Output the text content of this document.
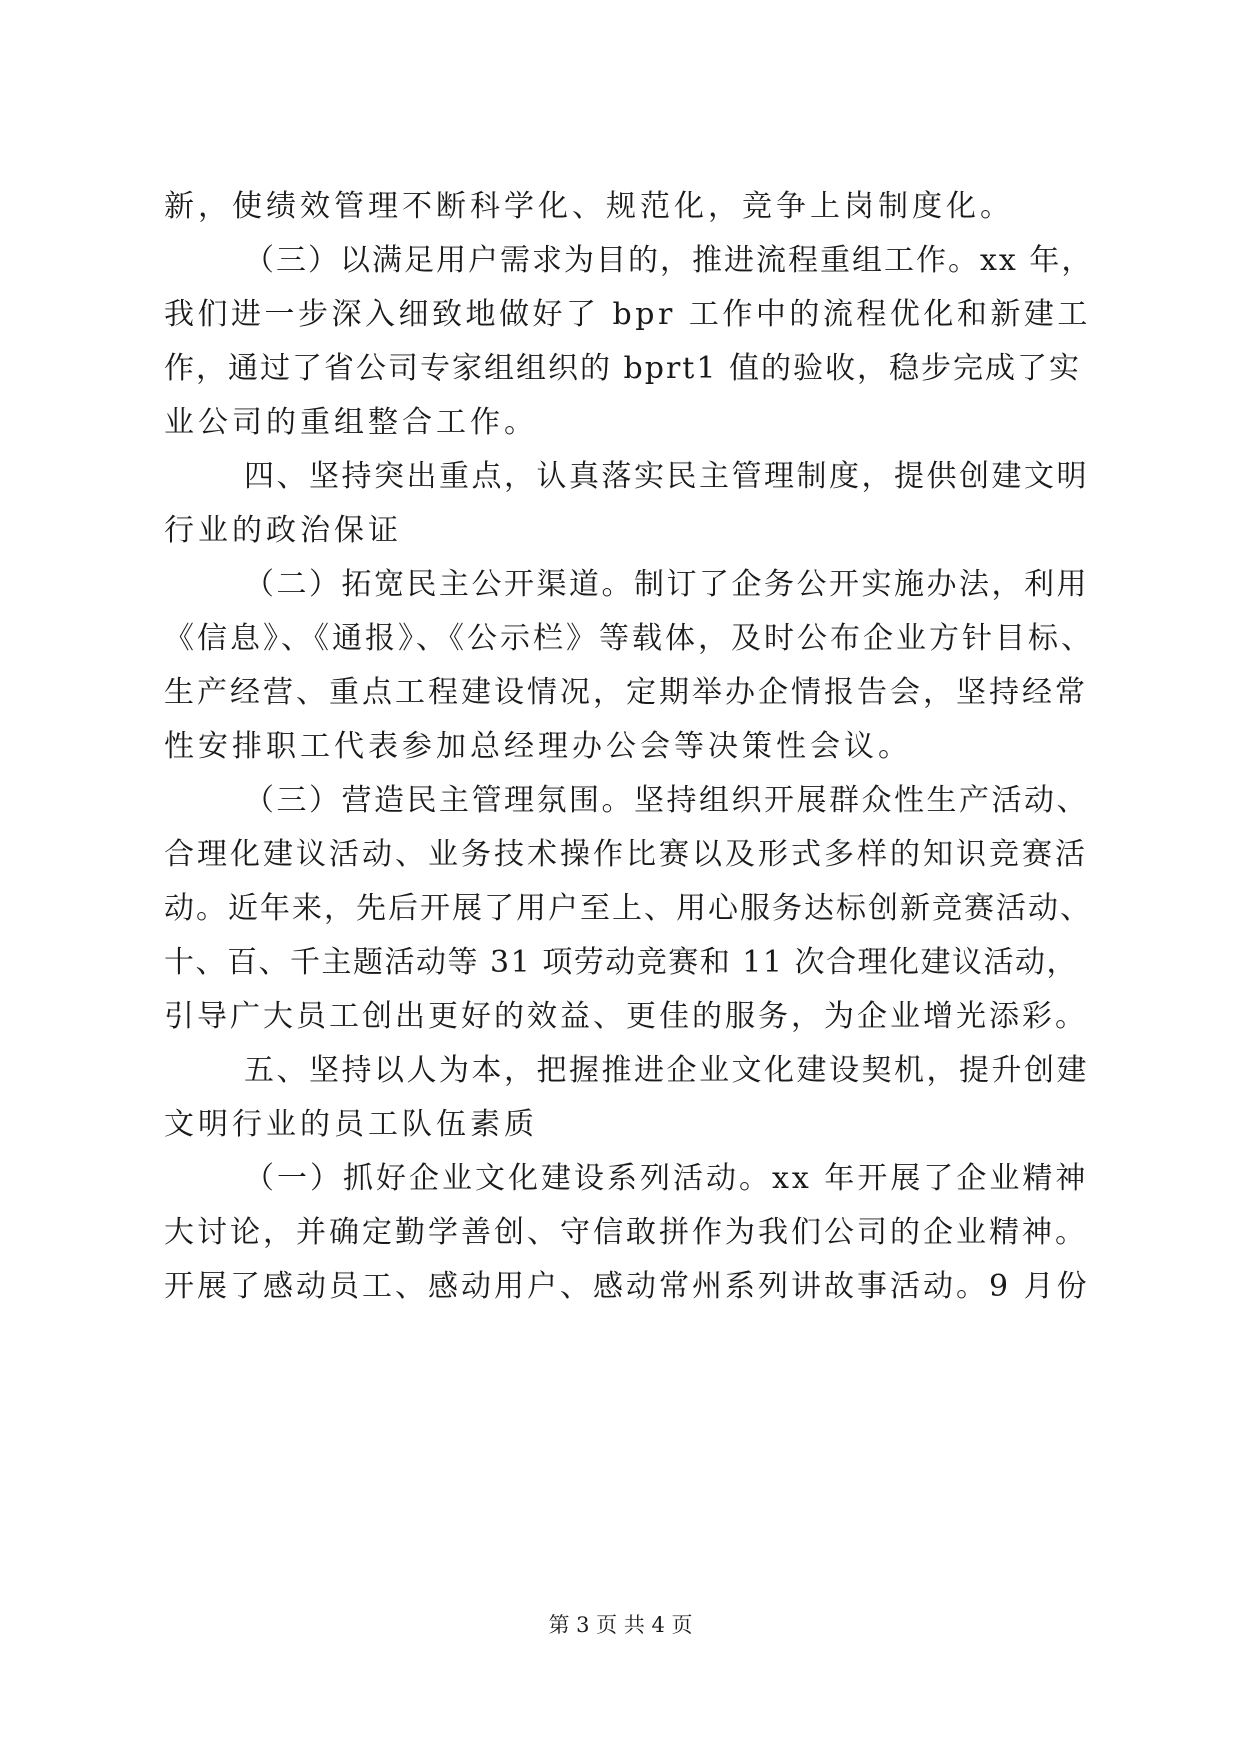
新，使绩效管理不断科学化、规范化，竞争上岗制度化。
（三）以满足用户需求为目的，推进流程重组工作。xx 年，
我们进一步深入细致地做好了 bpr 工作中的流程优化和新建工
作，通过了省公司专家组组织的 bprt1 值的验收，稳步完成了实
业公司的重组整合工作。
四、坚持突出重点，认真落实民主管理制度，提供创建文明
行业的政治保证
（二）拓宽民主公开渠道。制订了企务公开实施办法，利用
《信息》、《通报》、《公示栏》等载体，及时公布企业方针目标、
生产经营、重点工程建设情况，定期举办企情报告会，坚持经常
性安排职工代表参加总经理办公会等决策性会议。
（三）营造民主管理氛围。坚持组织开展群众性生产活动、
合理化建议活动、业务技术操作比赛以及形式多样的知识竞赛活
动。近年来，先后开展了用户至上、用心服务达标创新竞赛活动、
十、百、千主题活动等 31 项劳动竞赛和 11 次合理化建议活动，
引导广大员工创出更好的效益、更佳的服务，为企业增光添彩。
五、坚持以人为本，把握推进企业文化建设契机，提升创建
文明行业的员工队伍素质
（一）抓好企业文化建设系列活动。xx 年开展了企业精神
大讨论，并确定勤学善创、守信敢拼作为我们公司的企业精神。
开展了感动员工、感动用户、感动常州系列讲故事活动。9 月份
第 3 页 共 4 页
